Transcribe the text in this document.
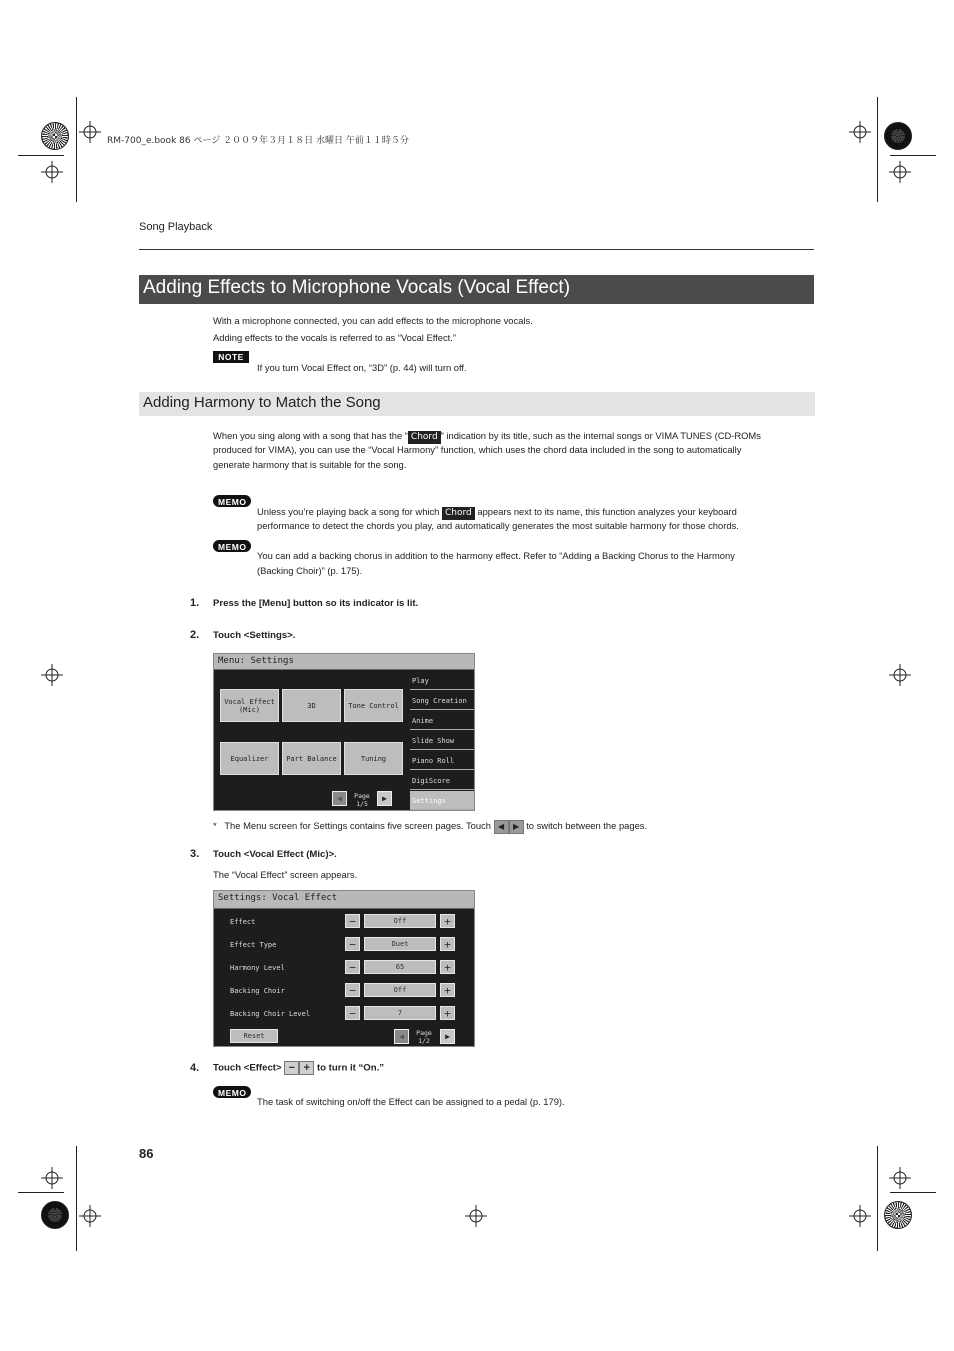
RM-700_e.book 86 ページ ２００９年３月１８日 水曜日 午前１１時５分
Song Playback
Adding Effects to Microphone Vocals (Vocal Effect)
With a microphone connected, you can add effects to the microphone vocals.
Adding effects to the vocals is referred to as “Vocal Effect.”
NOTE
If you turn Vocal Effect on, “3D” (p. 44) will turn off.
Adding Harmony to Match the Song
When you sing along with a song that has the “ Chord ” indication by its title, such as the internal songs or VIMA TUNES (CD-ROMs
produced for VIMA), you can use the “Vocal Harmony” function, which uses the chord data included in the song to automatically
generate harmony that is suitable for the song.
MEMO
Unless you’re playing back a song for which Chord appears next to its name, this function analyzes your keyboard
performance to detect the chords you play, and automatically generates the most suitable harmony for those chords.
MEMO
You can add a backing chorus in addition to the harmony effect. Refer to “Adding a Backing Chorus to the Harmony
(Backing Choir)” (p. 175).
1. Press the [Menu] button so its indicator is lit.
2. Touch <Settings>.
Menu: Settings
Vocal Effect
(Mic)	3D	Tone Control
Equalizer	Part Balance	Tuning
Play
Song Creation
Anime
Slide Show
Piano Roll
DigiScore
Settings
◀	Page
1/5
▶
* The Menu screen for Settings contains five screen pages. Touch ◀ ▶ to switch between the pages.
3. Touch <Vocal Effect (Mic)>.
The “Vocal Effect” screen appears.
Settings: Vocal Effect
Effect	−	Off	+
Effect Type	−	Duet	+
Harmony Level	−	65	+
Backing Choir	−	Off	+
Backing Choir Level	−	7	+
Reset	◀	Page
1/2	▶
4. Touch <Effect> − + to turn it “On.”
MEMO
The task of switching on/off the Effect can be assigned to a pedal (p. 179).
86
